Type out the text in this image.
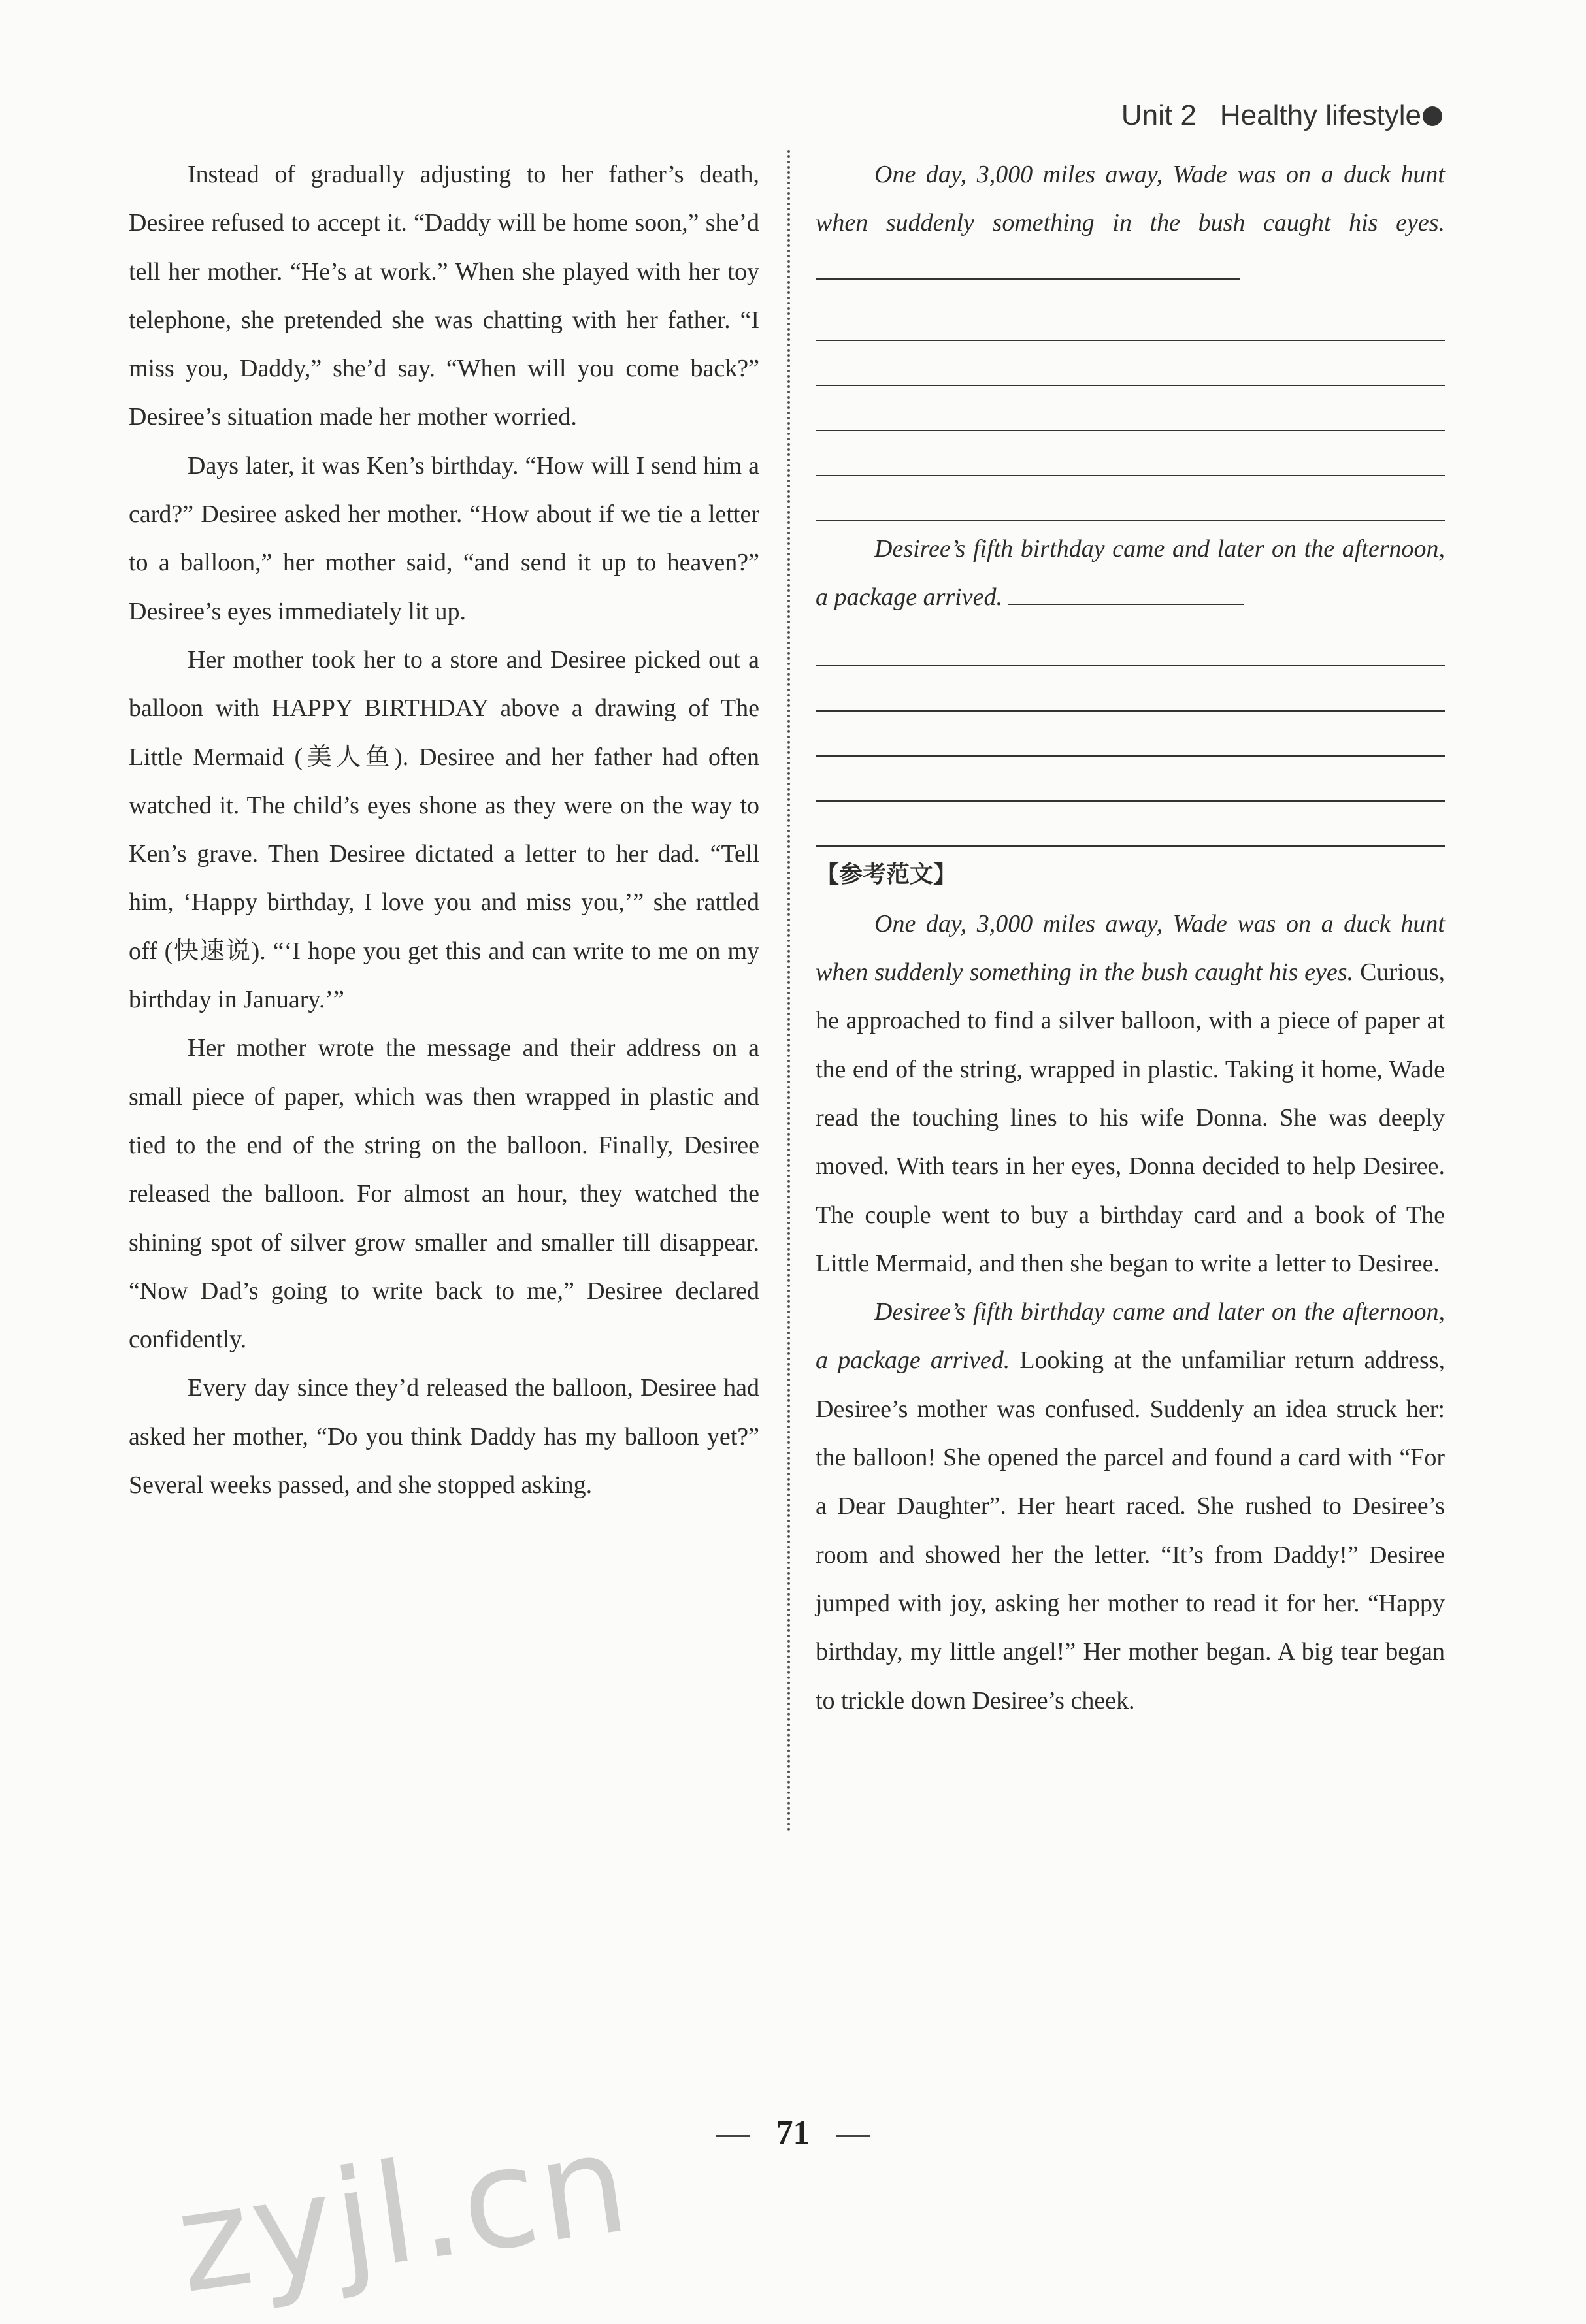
Unit 2 Healthy lifestyle

Instead of gradually adjusting to her father’s death, Desiree refused to accept it. “Daddy will be home soon,” she’d tell her mother. “He’s at work.” When she played with her toy telephone, she pretended she was chatting with her father. “I miss you, Daddy,” she’d say. “When will you come back?” Desiree’s situation made her mother worried.

Days later, it was Ken’s birthday. “How will I send him a card?” Desiree asked her mother. “How about if we tie a letter to a balloon,” her mother said, “and send it up to heaven?” Desiree’s eyes immediately lit up.

Her mother took her to a store and Desiree picked out a balloon with HAPPY BIRTHDAY above a drawing of The Little Mermaid (美人鱼). Desiree and her father had often watched it. The child’s eyes shone as they were on the way to Ken’s grave. Then Desiree dictated a letter to her dad. “Tell him, ‘Happy birthday, I love you and miss you,’” she rattled off (快速说). “‘I hope you get this and can write to me on my birthday in January.’”

Her mother wrote the message and their address on a small piece of paper, which was then wrapped in plastic and tied to the end of the string on the balloon. Finally, Desiree released the balloon. For almost an hour, they watched the shining spot of silver grow smaller and smaller till disappear. “Now Dad’s going to write back to me,” Desiree declared confidently.

Every day since they’d released the balloon, Desiree had asked her mother, “Do you think Daddy has my balloon yet?” Several weeks passed, and she stopped asking.

One day, 3,000 miles away, Wade was on a duck hunt when suddenly something in the bush caught his eyes.
Desiree’s fifth birthday came and later on the afternoon, a package arrived.
【参考范文】

One day, 3,000 miles away, Wade was on a duck hunt when suddenly something in the bush caught his eyes. Curious, he approached to find a silver balloon, with a piece of paper at the end of the string, wrapped in plastic. Taking it home, Wade read the touching lines to his wife Donna. She was deeply moved. With tears in her eyes, Donna decided to help Desiree. The couple went to buy a birthday card and a book of The Little Mermaid, and then she began to write a letter to Desiree.

Desiree’s fifth birthday came and later on the afternoon, a package arrived. Looking at the unfamiliar return address, Desiree’s mother was confused. Suddenly an idea struck her: the balloon! She opened the parcel and found a card with “For a Dear Daughter”. Her heart raced. She rushed to Desiree’s room and showed her the letter. “It’s from Daddy!” Desiree jumped with joy, asking her mother to read it for her. “Happy birthday, my little angel!” Her mother began. A big tear began to trickle down Desiree’s cheek.

71
zyjl.cn
